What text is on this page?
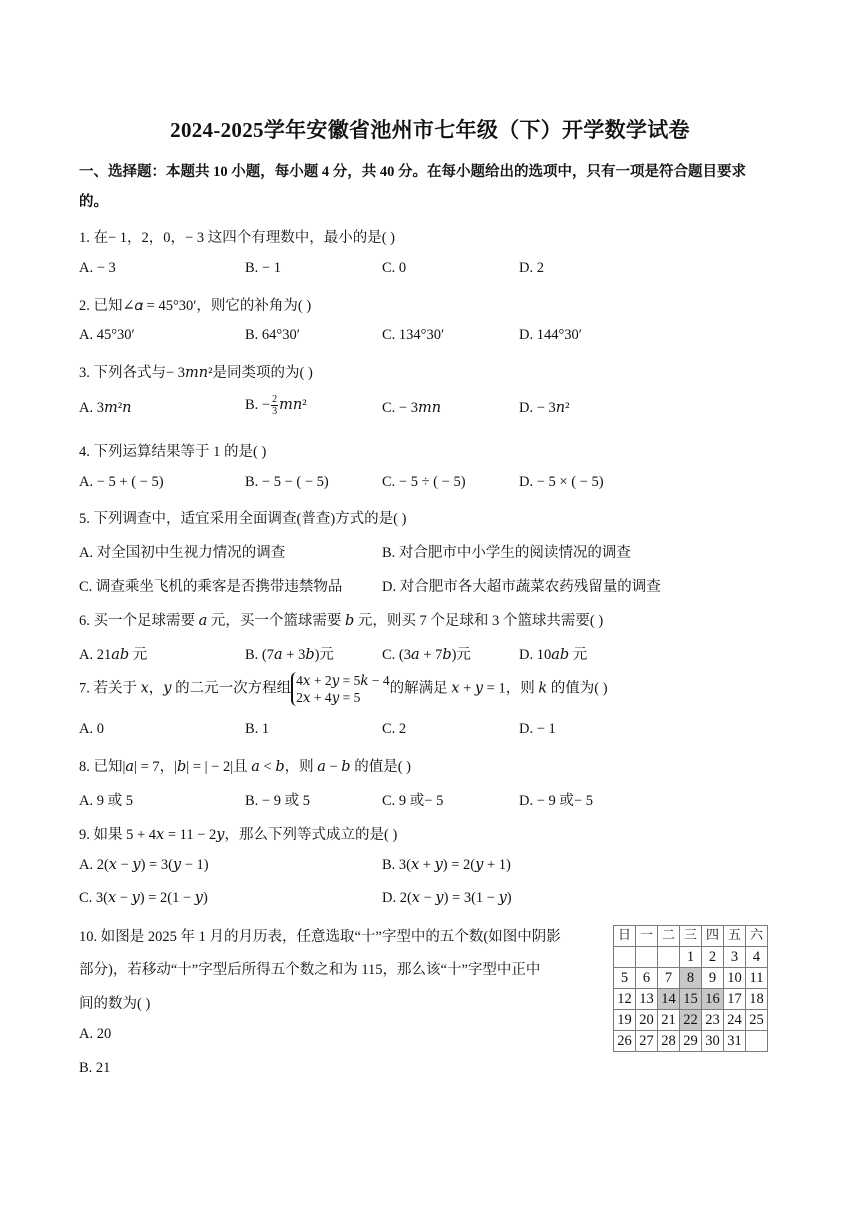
2024-2025学年安徽省池州市七年级（下）开学数学试卷
一、选择题：本题共 10 小题，每小题 4 分，共 40 分。在每小题给出的选项中，只有一项是符合题目要求
的。
1. 在− 1，2，0，− 3 这四个有理数中，最小的是( )
A. − 3	B. − 1	C. 0	D. 2
2. 已知∠𝛼 = 45°30′，则它的补角为( )
A. 45°30′	B. 64°30′	C. 134°30′	D. 144°30′
3. 下列各式与− 3𝑚𝑛²是同类项的为( )
A. 3𝑚²𝑛	B. − $\frac{2}{3}$ 𝑚𝑛²	C. − 3𝑚𝑛	D. − 3𝑛²
4. 下列运算结果等于 1 的是( )
A. − 5 + ( − 5)	B. − 5 − ( − 5)	C. − 5 ÷ ( − 5)	D. − 5 × ( − 5)
5. 下列调查中，适宜采用全面调查(普查)方式的是( )
A. 对全国初中生视力情况的调查	B. 对合肥市中小学生的阅读情况的调查
C. 调查乘坐飞机的乘客是否携带违禁物品	D. 对合肥市各大超市蔬菜农药残留量的调查
6. 买一个足球需要 𝑎 元，买一个篮球需要 𝑏 元，则买 7 个足球和 3 个篮球共需要( )
A. 21𝑎𝑏 元	B. (7𝑎 + 3𝑏)元	C. (3𝑎 + 7𝑏)元	D. 10𝑎𝑏 元
7. 若关于 𝑥，𝑦 的二元一次方程组 4𝑥 + 2𝑦 = 5𝑘 − 4
2𝑥 + 4𝑦 = 5
的解满足 𝑥 + 𝑦 = 1，则 𝑘 的值为( )
A. 0	B. 1	C. 2	D. − 1
8. 已知|𝑎| = 7，|𝑏| = | − 2|且 𝑎 < 𝑏，则 𝑎 − 𝑏 的值是( )
A. 9 或 5	B. − 9 或 5	C. 9 或− 5	D. − 9 或− 5
9. 如果 5 + 4𝑥 = 11 − 2𝑦，那么下列等式成立的是( )
A. 2(𝑥 − 𝑦) = 3(𝑦 − 1)	B. 3(𝑥 + 𝑦) = 2(𝑦 + 1)
C. 3(𝑥 − 𝑦) = 2(1 − 𝑦)	D. 2(𝑥 − 𝑦) = 3(1 − 𝑦)
10. 如图是 2025 年 1 月的月历表，任意选取“十”字型中的五个数(如图中阴影
部分)，若移动“十”字型后所得五个数之和为 115，那么该“十”字型中正中
间的数为( )
A. 20
B. 21
日	一	二	三	四	五	六
			1	2	3	4
5	6	7	8	9	10	11
12	13	14	15	16	17	18
19	20	21	22	23	24	25
26	27	28	29	30	31	
